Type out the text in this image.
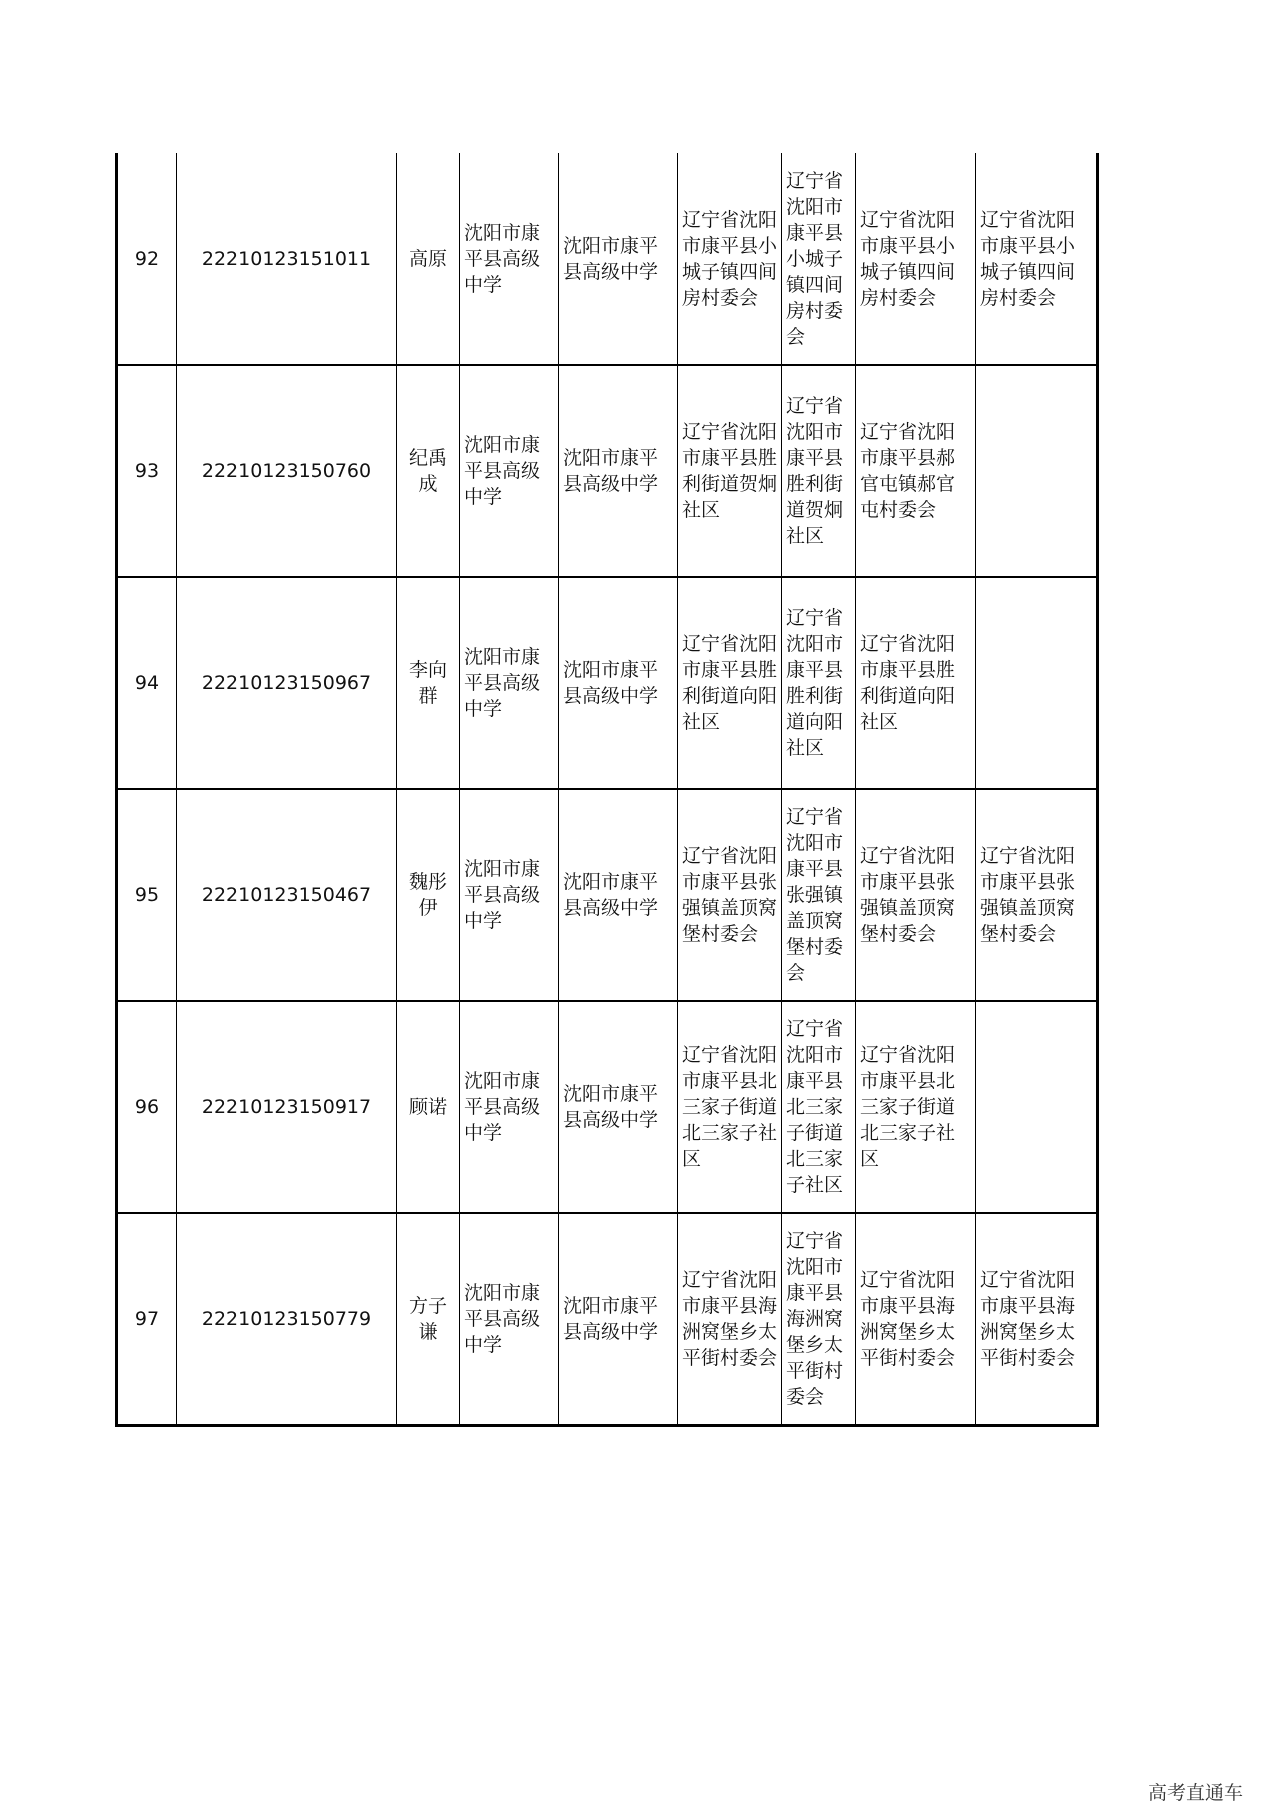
92	22210123151011	高原	沈阳市康平县高级中学	沈阳市康平县高级中学	辽宁省沈阳市康平县小城子镇四间房村委会	辽宁省沈阳市康平县小城子镇四间房村委会	辽宁省沈阳市康平县小城子镇四间房村委会	辽宁省沈阳市康平县小城子镇四间房村委会
93	22210123150760	纪禹成	沈阳市康平县高级中学	沈阳市康平县高级中学	辽宁省沈阳市康平县胜利街道贺炯社区	辽宁省沈阳市康平县胜利街道贺炯社区	辽宁省沈阳市康平县郝官屯镇郝官屯村委会	
94	22210123150967	李向群	沈阳市康平县高级中学	沈阳市康平县高级中学	辽宁省沈阳市康平县胜利街道向阳社区	辽宁省沈阳市康平县胜利街道向阳社区	辽宁省沈阳市康平县胜利街道向阳社区	
95	22210123150467	魏彤伊	沈阳市康平县高级中学	沈阳市康平县高级中学	辽宁省沈阳市康平县张强镇盖顶窝堡村委会	辽宁省沈阳市康平县张强镇盖顶窝堡村委会	辽宁省沈阳市康平县张强镇盖顶窝堡村委会	辽宁省沈阳市康平县张强镇盖顶窝堡村委会
96	22210123150917	顾诺	沈阳市康平县高级中学	沈阳市康平县高级中学	辽宁省沈阳市康平县北三家子街道北三家子社区	辽宁省沈阳市康平县北三家子街道北三家子社区	辽宁省沈阳市康平县北三家子街道北三家子社区	
97	22210123150779	方子谦	沈阳市康平县高级中学	沈阳市康平县高级中学	辽宁省沈阳市康平县海洲窝堡乡太平街村委会	辽宁省沈阳市康平县海洲窝堡乡太平街村委会	辽宁省沈阳市康平县海洲窝堡乡太平街村委会	辽宁省沈阳市康平县海洲窝堡乡太平街村委会
高考直通车
